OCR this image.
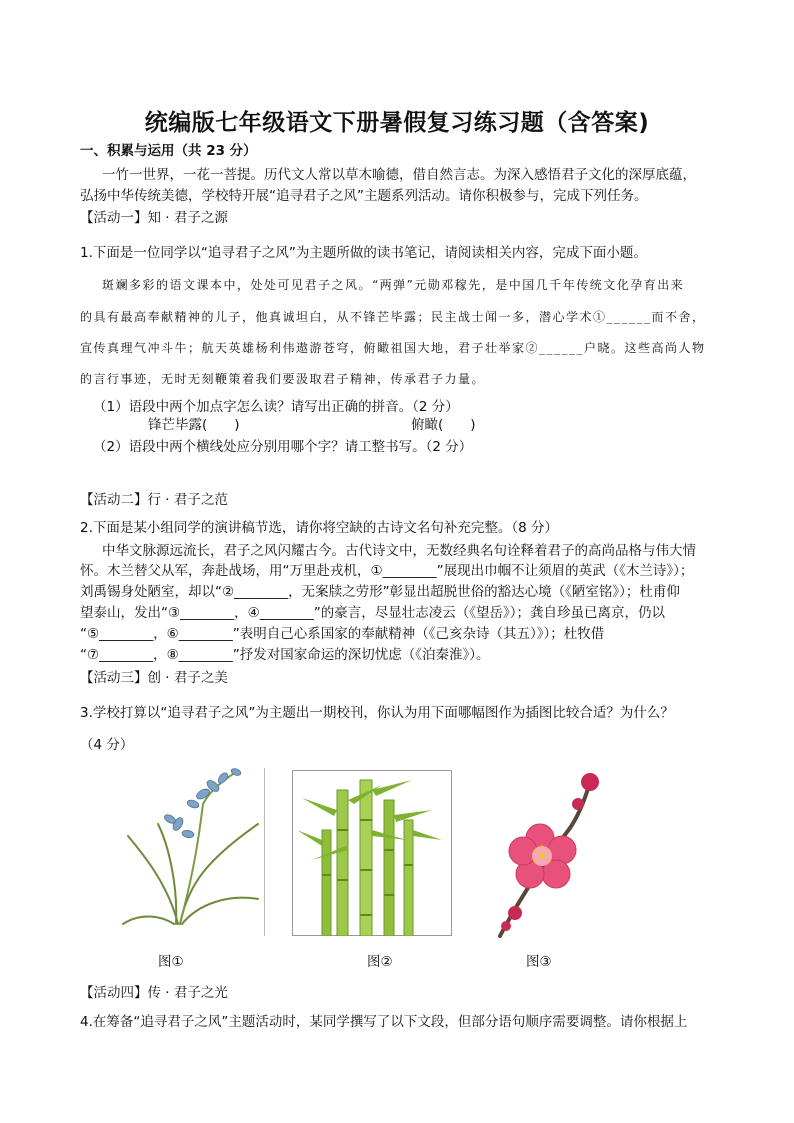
统编版七年级语文下册暑假复习练习题（含答案)
一、积累与运用（共 23 分）
一竹一世界，一花一菩提。历代文人常以草木喻德，借自然言志。为深入感悟君子文化的深厚底蕴，
弘扬中华传统美德，学校特开展“追寻君子之风”主题系列活动。请你积极参与，完成下列任务。
【活动一】知 · 君子之源
1.下面是一位同学以“追寻君子之风”为主题所做的读书笔记，请阅读相关内容，完成下面小题。
斑斓多彩的语文课本中，处处可见君子之风。“两弹”元勋邓稼先，是中国几千年传统文化孕育出来
的具有最高奉献精神的儿子，他真诚坦白，从不锋芒毕露；民主战士闻一多，潜心学术①______而不舍，
宣传真理气冲斗牛；航天英雄杨利伟遨游苍穹，俯瞰祖国大地，君子壮举家②______户晓。这些高尚人物
的言行事迹，无时无刻鞭策着我们要汲取君子精神，传承君子力量。
（1）语段中两个加点字怎么读？请写出正确的拼音。（2 分）
锋芒毕露(　　)	俯瞰(　　)
（2）语段中两个横线处应分别用哪个字？请工整书写。（2 分）
【活动二】行 · 君子之范
2.下面是某小组同学的演讲稿节选，请你将空缺的古诗文名句补充完整。（8 分）
中华文脉源远流长，君子之风闪耀古今。古代诗文中，无数经典名句诠释着君子的高尚品格与伟大情
怀。木兰替父从军，奔赴战场，用“万里赴戎机，①________”展现出巾帼不让须眉的英武（《木兰诗》）；
刘禹锡身处陋室，却以“②________，无案牍之劳形”彰显出超脱世俗的豁达心境（《陋室铭》）；杜甫仰
望泰山，发出“③________，④________”的豪言，尽显壮志凌云（《望岳》）；龚自珍虽已离京，仍以
“⑤________，⑥________”表明自己心系国家的奉献精神（《己亥杂诗（其五）》）；杜牧借
“⑦________，⑧________”抒发对国家命运的深切忧虑（《泊秦淮》）。
【活动三】创 · 君子之美
3.学校打算以“追寻君子之风”为主题出一期校刊，你认为用下面哪幅图作为插图比较合适？为什么？
（4 分）
图①	图②	图③
【活动四】传 · 君子之光
4.在筹备“追寻君子之风”主题活动时，某同学撰写了以下文段，但部分语句顺序需要调整。请你根据上
